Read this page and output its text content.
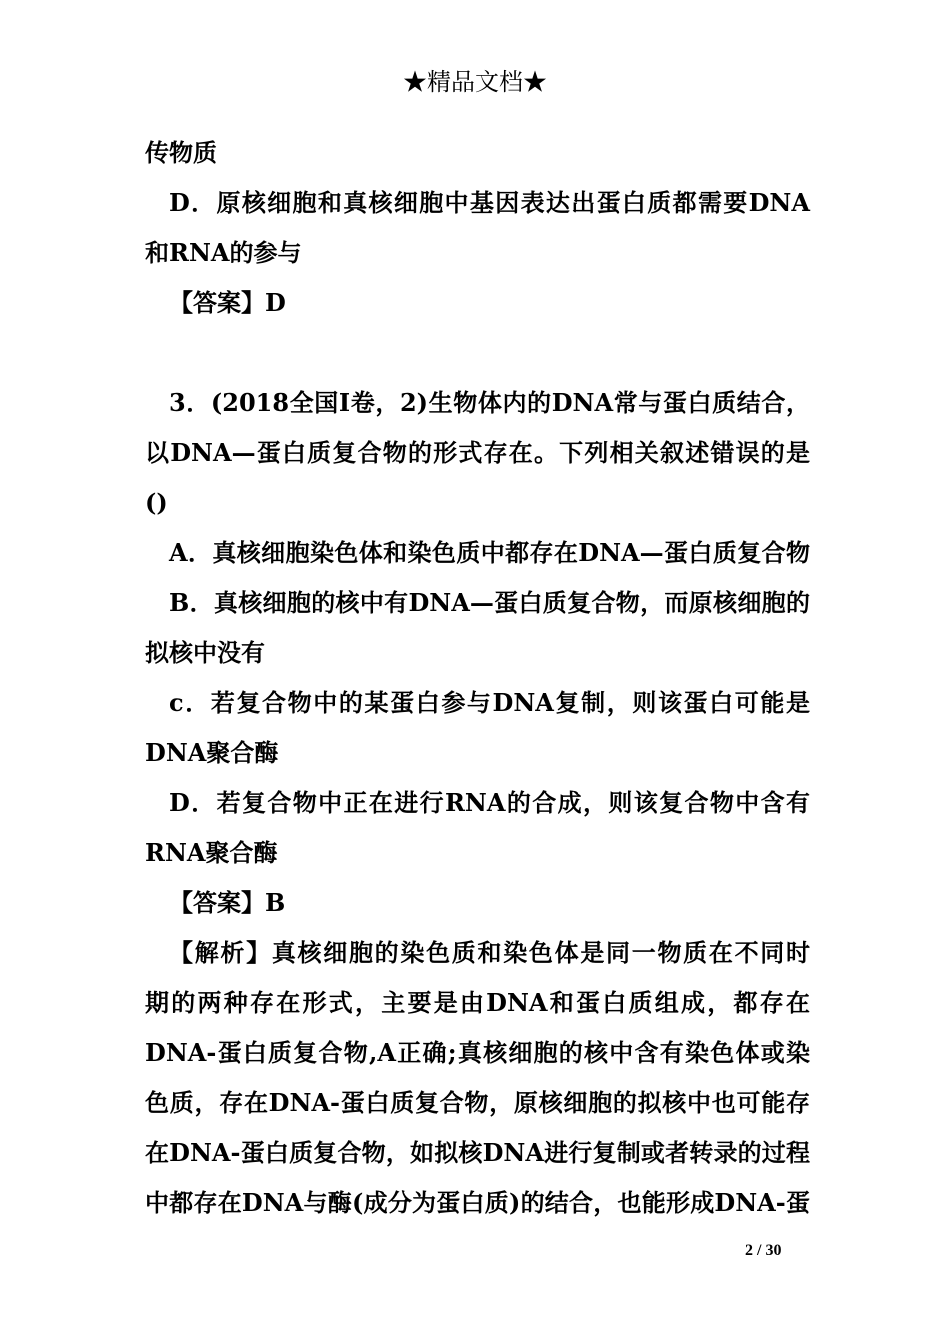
★精品文档★
传物质
D．原核细胞和真核细胞中基因表达出蛋白质都需要DNA
和RNA的参与
【答案】D
3．(2018全国Ⅰ卷，2)生物体内的DNA常与蛋白质结合，
以DNA—蛋白质复合物的形式存在。下列相关叙述错误的是
()
A．真核细胞染色体和染色质中都存在DNA—蛋白质复合物
B．真核细胞的核中有DNA—蛋白质复合物，而原核细胞的
拟核中没有
c．若复合物中的某蛋白参与DNA复制，则该蛋白可能是
DNA聚合酶
D．若复合物中正在进行RNA的合成，则该复合物中含有
RNA聚合酶
【答案】B
【解析】真核细胞的染色质和染色体是同一物质在不同时
期的两种存在形式，主要是由DNA和蛋白质组成，都存在
DNA-蛋白质复合物,A正确;真核细胞的核中含有染色体或染
色质，存在DNA-蛋白质复合物，原核细胞的拟核中也可能存
在DNA-蛋白质复合物，如拟核DNA进行复制或者转录的过程
中都存在DNA与酶(成分为蛋白质)的结合，也能形成DNA-蛋
2 / 30
